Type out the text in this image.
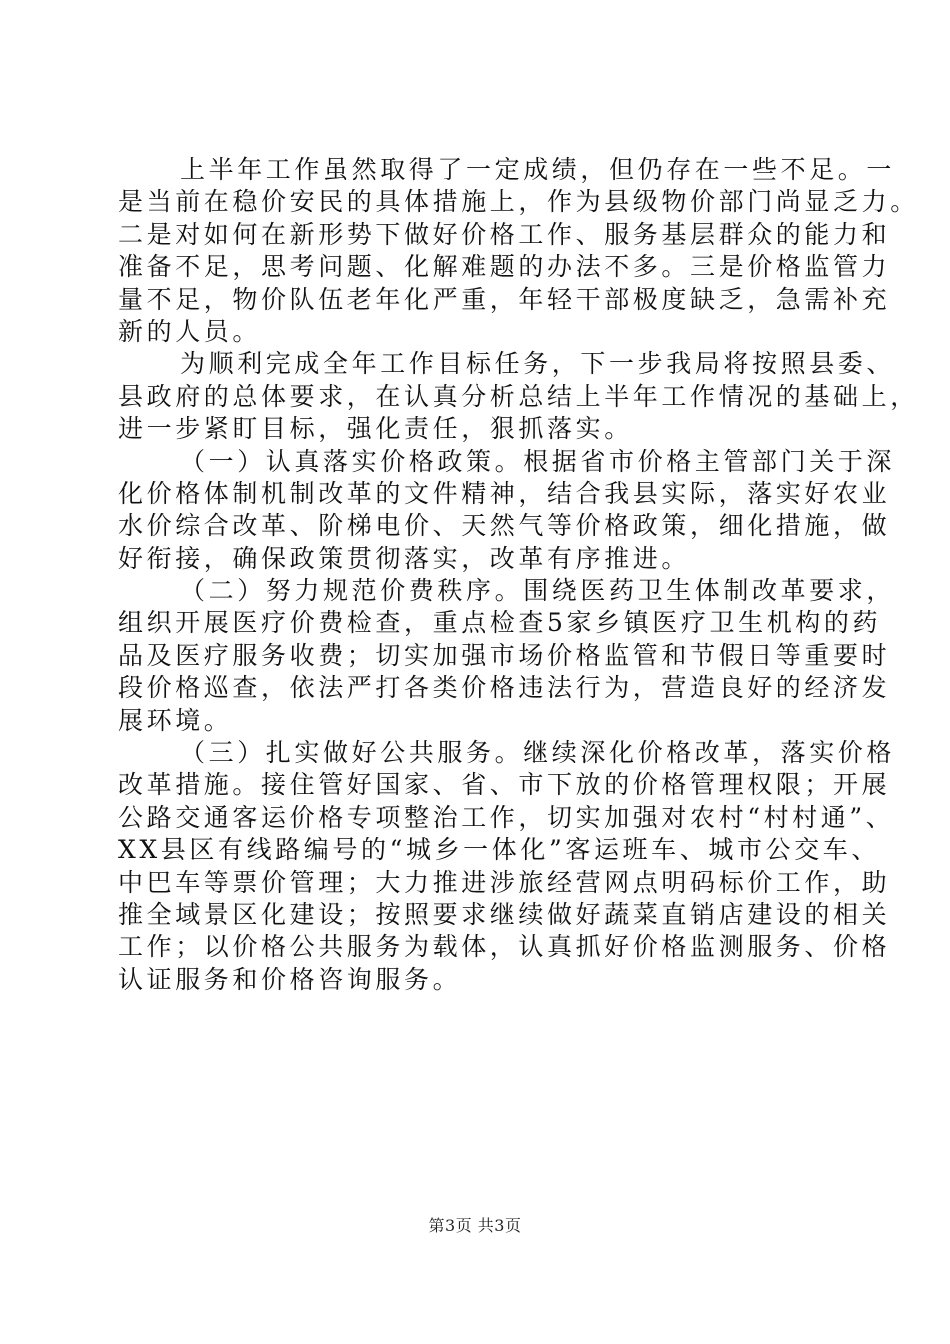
上半年工作虽然取得了一定成绩，但仍存在一些不足。一
是当前在稳价安民的具体措施上，作为县级物价部门尚显乏力。
二是对如何在新形势下做好价格工作、服务基层群众的能力和
准备不足，思考问题、化解难题的办法不多。三是价格监管力
量不足，物价队伍老年化严重，年轻干部极度缺乏，急需补充
新的人员。
为顺利完成全年工作目标任务，下一步我局将按照县委、
县政府的总体要求，在认真分析总结上半年工作情况的基础上，
进一步紧盯目标，强化责任，狠抓落实。
（一）认真落实价格政策。根据省市价格主管部门关于深
化价格体制机制改革的文件精神，结合我县实际，落实好农业
水价综合改革、阶梯电价、天然气等价格政策，细化措施，做
好衔接，确保政策贯彻落实，改革有序推进。
（二）努力规范价费秩序。围绕医药卫生体制改革要求，
组织开展医疗价费检查，重点检查5家乡镇医疗卫生机构的药
品及医疗服务收费；切实加强市场价格监管和节假日等重要时
段价格巡查，依法严打各类价格违法行为，营造良好的经济发
展环境。
（三）扎实做好公共服务。继续深化价格改革，落实价格
改革措施。接住管好国家、省、市下放的价格管理权限；开展
公路交通客运价格专项整治工作，切实加强对农村“村村通”、
XX县区有线路编号的“城乡一体化”客运班车、城市公交车、
中巴车等票价管理；大力推进涉旅经营网点明码标价工作，助
推全域景区化建设；按照要求继续做好蔬菜直销店建设的相关
工作；以价格公共服务为载体，认真抓好价格监测服务、价格
认证服务和价格咨询服务。
第3页 共3页
